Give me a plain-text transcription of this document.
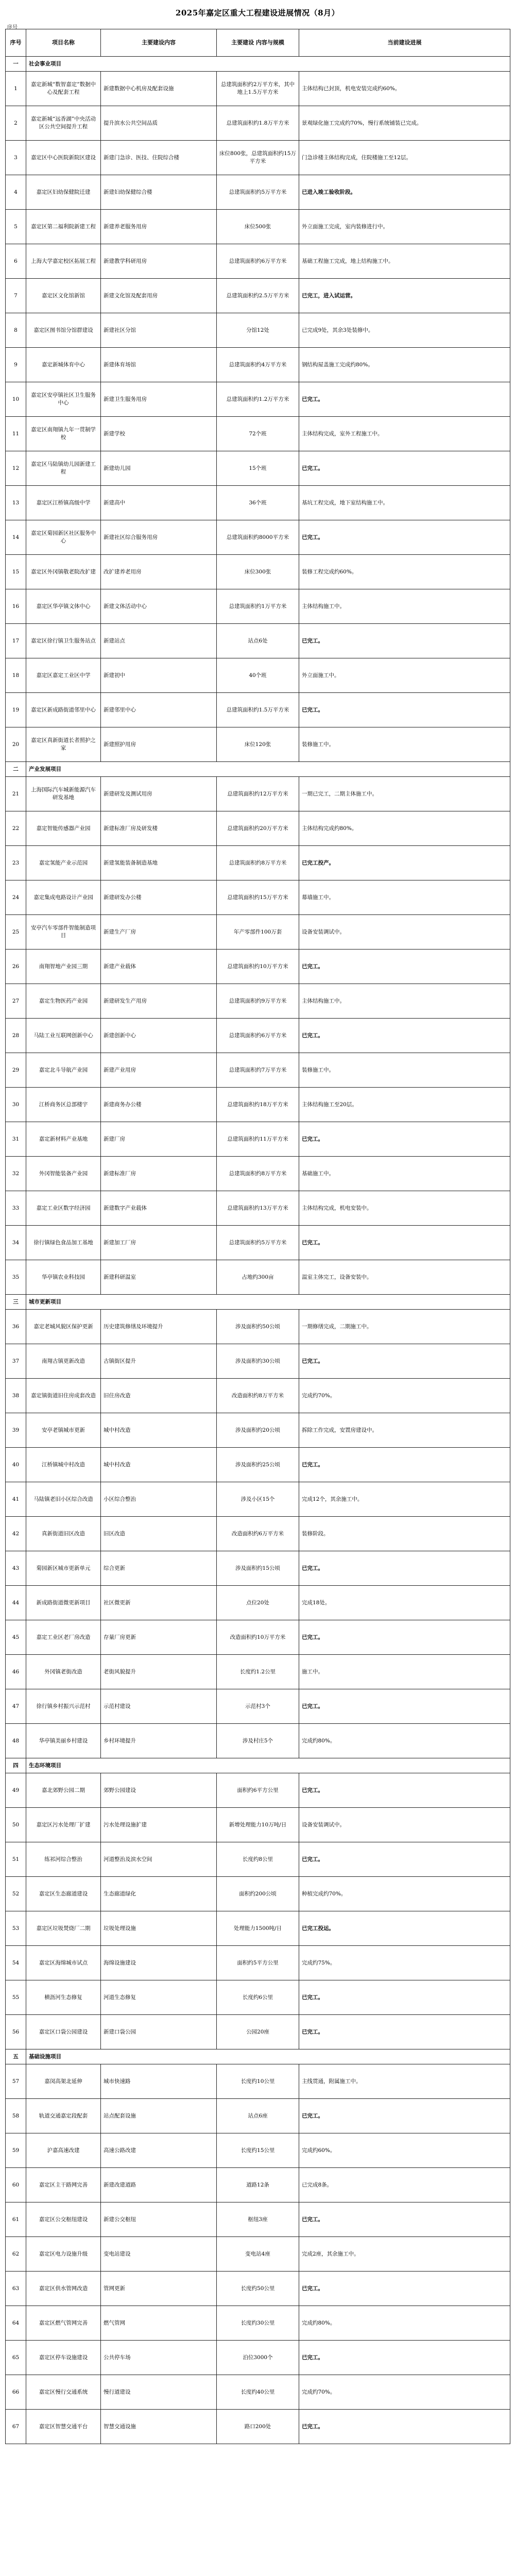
2025年嘉定区重大工程建设进展情况（8月）
序号
序号	项目名称	主要建设内容	主要建设 内容与规模	当前建设进展
一	社会事业项目			
1	嘉定新城“数智嘉定”数据中心及配套工程	新建数据中心机房及配套设施	总建筑面积约2万平方米，其中地上1.5万平方米	主体结构已封顶，机电安装完成约60%。
2	嘉定新城“远香湖”中央活动区公共空间提升工程	提升滨水公共空间品质	总建筑面积约1.8万平方米	景观绿化施工完成约70%，慢行系统铺装已完成。
3	嘉定区中心医院新院区建设	新建门急诊、医技、住院综合楼	床位800张，总建筑面积约15万平方米	门急诊楼主体结构完成，住院楼施工至12层。
4	嘉定区妇幼保健院迁建	新建妇幼保健综合楼	总建筑面积约5万平方米	已进入竣工验收阶段。
5	嘉定区第二福利院新建工程	新建养老服务用房	床位500张	外立面施工完成，室内装修进行中。
6	上海大学嘉定校区拓展工程	新建教学科研用房	总建筑面积约6万平方米	基础工程施工完成，地上结构施工中。
7	嘉定区文化馆新馆	新建文化馆及配套用房	总建筑面积约2.5万平方米	已完工，进入试运营。
8	嘉定区图书馆分馆群建设	新建社区分馆	分馆12处	已完成9处，其余3处装修中。
9	嘉定新城体育中心	新建体育场馆	总建筑面积约4万平方米	钢结构屋盖施工完成约80%。
10	嘉定区安亭镇社区卫生服务中心	新建卫生服务用房	总建筑面积约1.2万平方米	已完工。
11	嘉定区南翔镇九年一贯制学校	新建学校	72个班	主体结构完成，室外工程施工中。
12	嘉定区马陆镇幼儿园新建工程	新建幼儿园	15个班	已完工。
13	嘉定区江桥镇高级中学	新建高中	36个班	基坑工程完成，地下室结构施工中。
14	嘉定区菊园新区社区服务中心	新建社区综合服务用房	总建筑面积约8000平方米	已完工。
15	嘉定区外冈镇敬老院改扩建	改扩建养老用房	床位300张	装修工程完成约60%。
16	嘉定区华亭镇文体中心	新建文体活动中心	总建筑面积约1万平方米	主体结构施工中。
17	嘉定区徐行镇卫生服务站点	新建站点	站点6处	已完工。
18	嘉定区嘉定工业区中学	新建初中	40个班	外立面施工中。
19	嘉定区新成路街道邻里中心	新建邻里中心	总建筑面积约1.5万平方米	已完工。
20	嘉定区真新街道长者照护之家	新建照护用房	床位120张	装修施工中。
二	产业发展项目			
21	上海国际汽车城新能源汽车研发基地	新建研发及测试用房	总建筑面积约12万平方米	一期已完工，二期主体施工中。
22	嘉定智能传感器产业园	新建标准厂房及研发楼	总建筑面积约20万平方米	主体结构完成约80%。
23	嘉定氢能产业示范园	新建氢能装备制造基地	总建筑面积约8万平方米	已完工投产。
24	嘉定集成电路设计产业园	新建研发办公楼	总建筑面积约15万平方米	幕墙施工中。
25	安亭汽车零部件智能制造项目	新建生产厂房	年产零部件100万套	设备安装调试中。
26	南翔智地产业园三期	新建产业载体	总建筑面积约10万平方米	已完工。
27	嘉定生物医药产业园	新建研发生产用房	总建筑面积约9万平方米	主体结构施工中。
28	马陆工业互联网创新中心	新建创新中心	总建筑面积约6万平方米	已完工。
29	嘉定北斗导航产业园	新建产业用房	总建筑面积约7万平方米	装修施工中。
30	江桥商务区总部楼宇	新建商务办公楼	总建筑面积约18万平方米	主体结构施工至20层。
31	嘉定新材料产业基地	新建厂房	总建筑面积约11万平方米	已完工。
32	外冈智能装备产业园	新建标准厂房	总建筑面积约8万平方米	基础施工中。
33	嘉定工业区数字经济园	新建数字产业载体	总建筑面积约13万平方米	主体结构完成，机电安装中。
34	徐行镇绿色食品加工基地	新建加工厂房	总建筑面积约5万平方米	已完工。
35	华亭镇农业科技园	新建科研温室	占地约300亩	温室主体完工，设备安装中。
三	城市更新项目			
36	嘉定老城风貌区保护更新	历史建筑修缮及环境提升	涉及面积约50公顷	一期修缮完成，二期施工中。
37	南翔古镇更新改造	古镇街区提升	涉及面积约30公顷	已完工。
38	嘉定镇街道旧住房成套改造	旧住房改造	改造面积约8万平方米	完成约70%。
39	安亭老镇城市更新	城中村改造	涉及面积约20公顷	拆除工作完成，安置房建设中。
40	江桥镇城中村改造	城中村改造	涉及面积约25公顷	已完工。
41	马陆镇老旧小区综合改造	小区综合整治	涉及小区15个	完成12个，其余施工中。
42	真新街道旧区改造	旧区改造	改造面积约6万平方米	装修阶段。
43	菊园新区城市更新单元	综合更新	涉及面积约15公顷	已完工。
44	新成路街道微更新项目	社区微更新	点位20处	完成18处。
45	嘉定工业区老厂房改造	存量厂房更新	改造面积约10万平方米	已完工。
46	外冈镇老街改造	老街风貌提升	长度约1.2公里	施工中。
47	徐行镇乡村振兴示范村	示范村建设	示范村3个	已完工。
48	华亭镇美丽乡村建设	乡村环境提升	涉及村庄5个	完成约80%。
四	生态环境项目			
49	嘉北郊野公园二期	郊野公园建设	面积约6平方公里	已完工。
50	嘉定区污水处理厂扩建	污水处理设施扩建	新增处理能力10万吨/日	设备安装调试中。
51	练祁河综合整治	河道整治及滨水空间	长度约8公里	已完工。
52	嘉定区生态廊道建设	生态廊道绿化	面积约200公顷	种植完成约70%。
53	嘉定区垃圾焚烧厂二期	垃圾处理设施	处理能力1500吨/日	已完工投运。
54	嘉定区海绵城市试点	海绵设施建设	面积约5平方公里	完成约75%。
55	横沥河生态修复	河道生态修复	长度约6公里	已完工。
56	嘉定区口袋公园建设	新建口袋公园	公园20座	已完工。
五	基础设施项目			
57	嘉闵高架北延伸	城市快速路	长度约10公里	主线贯通，附属施工中。
58	轨道交通嘉定段配套	站点配套设施	站点6座	已完工。
59	沪嘉高速改建	高速公路改建	长度约15公里	完成约60%。
60	嘉定区主干路网完善	新建改建道路	道路12条	已完成8条。
61	嘉定区公交枢纽建设	新建公交枢纽	枢纽3座	已完工。
62	嘉定区电力设施升级	变电站建设	变电站4座	完成2座，其余施工中。
63	嘉定区供水管网改造	管网更新	长度约50公里	已完工。
64	嘉定区燃气管网完善	燃气管网	长度约30公里	完成约80%。
65	嘉定区停车设施建设	公共停车场	泊位3000个	已完工。
66	嘉定区慢行交通系统	慢行道建设	长度约40公里	完成约70%。
67	嘉定区智慧交通平台	智慧交通设施	路口200处	已完工。
